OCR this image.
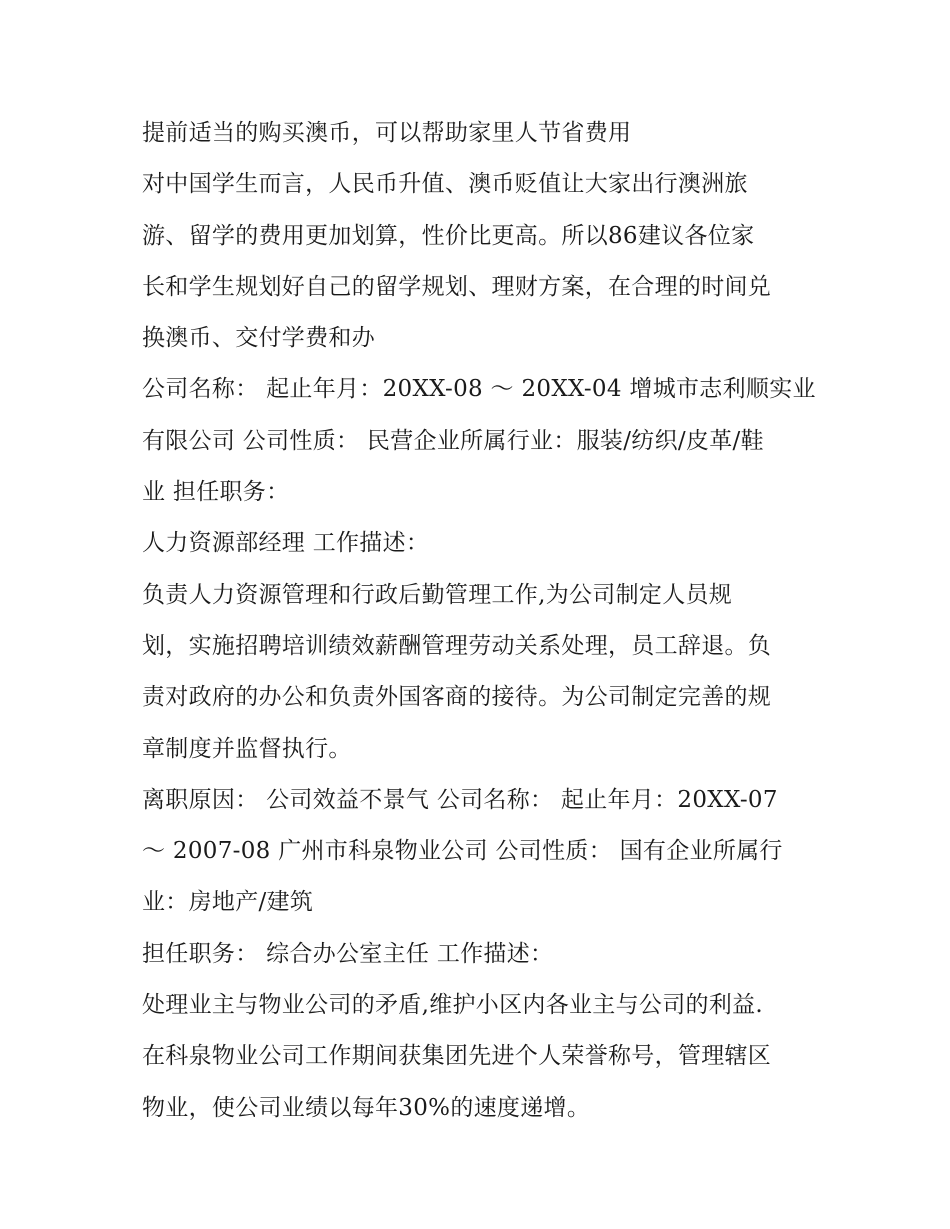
提前适当的购买澳币，可以帮助家里人节省费用
对中国学生而言，人民币升值、澳币贬值让大家出行澳洲旅
游、留学的费用更加划算，性价比更高。所以86建议各位家
长和学生规划好自己的留学规划、理财方案，在合理的时间兑
换澳币、交付学费和办
公司名称： 起止年月：20XX-08 ～ 20XX-04 增城市志利顺实业
有限公司 公司性质： 民营企业所属行业：服装/纺织/皮革/鞋
业 担任职务：
人力资源部经理 工作描述：
负责人力资源管理和行政后勤管理工作,为公司制定人员规
划，实施招聘培训绩效薪酬管理劳动关系处理，员工辞退。负
责对政府的办公和负责外国客商的接待。为公司制定完善的规
章制度并监督执行。
离职原因： 公司效益不景气 公司名称： 起止年月：20XX-07
～ 2007-08 广州市科泉物业公司 公司性质： 国有企业所属行
业：房地产/建筑
担任职务： 综合办公室主任 工作描述：
处理业主与物业公司的矛盾,维护小区内各业主与公司的利益.
在科泉物业公司工作期间获集团先进个人荣誉称号，管理辖区
物业，使公司业绩以每年30%的速度递增。
